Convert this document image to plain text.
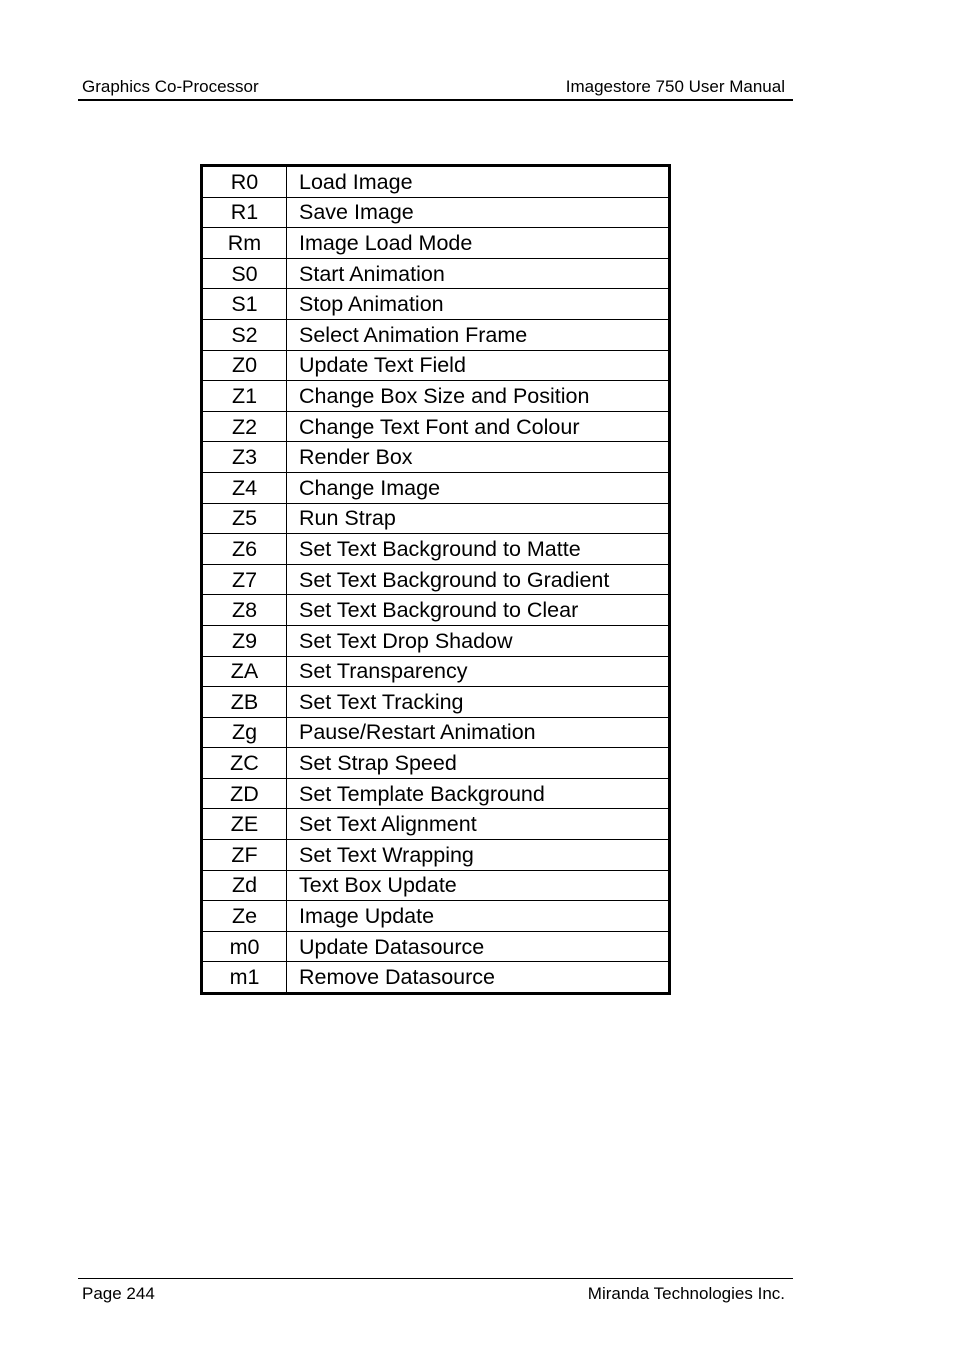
Graphics Co-Processor	Imagestore 750 User Manual
R0	Load Image
R1	Save Image
Rm	Image Load Mode
S0	Start Animation
S1	Stop Animation
S2	Select Animation Frame
Z0	Update Text Field
Z1	Change Box Size and Position
Z2	Change Text Font and Colour
Z3	Render Box
Z4	Change Image
Z5	Run Strap
Z6	Set Text Background to Matte
Z7	Set Text Background to Gradient
Z8	Set Text Background to Clear
Z9	Set Text Drop Shadow
ZA	Set Transparency
ZB	Set Text Tracking
Zg	Pause/Restart Animation
ZC	Set Strap Speed
ZD	Set Template Background
ZE	Set Text Alignment
ZF	Set Text Wrapping
Zd	Text Box Update
Ze	Image Update
m0	Update Datasource
m1	Remove Datasource
Page 244	Miranda Technologies Inc.
